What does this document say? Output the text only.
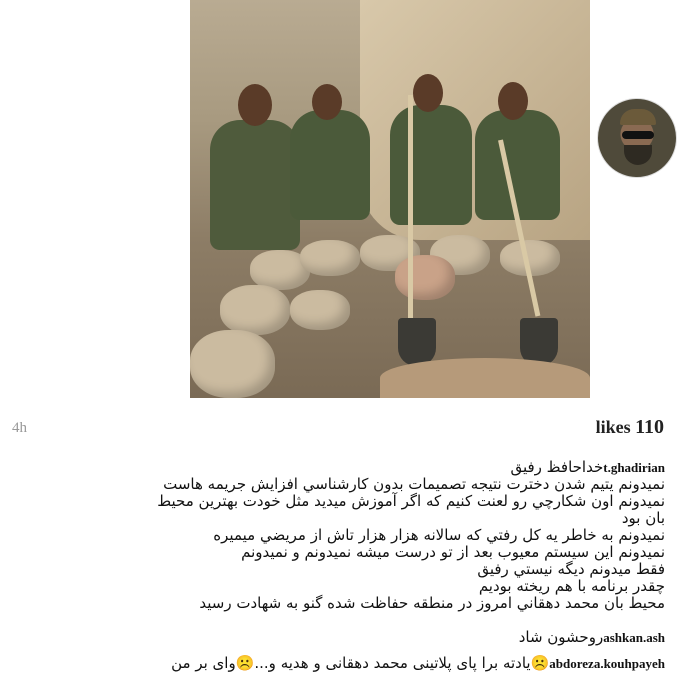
4h	likes 110
t.ghadirianخداحافظ رفيق
نميدونم يتيم شدن دخترت نتيجه تصميمات بدون كارشناسي افزايش جريمه هاست
نميدونم اون شكارچي رو لعنت كنيم كه اگر آموزش ميديد مثل خودت بهترين محيط
بان بود
نميدونم به خاطر يه كل رفتي كه سالانه هزار هزار تاش از مريضي ميميره
نميدونم اين سيستم معيوب بعد از تو درست ميشه نميدونم و نميدونم
فقط ميدونم ديگه نيستي رفيق
چقدر برنامه با هم ريخته بوديم
محيط بان محمد دهقاني امروز در منطقه حفاظت شده گنو به شهادت رسيد
ashkan.ashروحشون شاد
abdoreza.kouhpayeh☹️یادته برا پای پلاتینی محمد دهقانی و هدیه و...☹️وای بر من
